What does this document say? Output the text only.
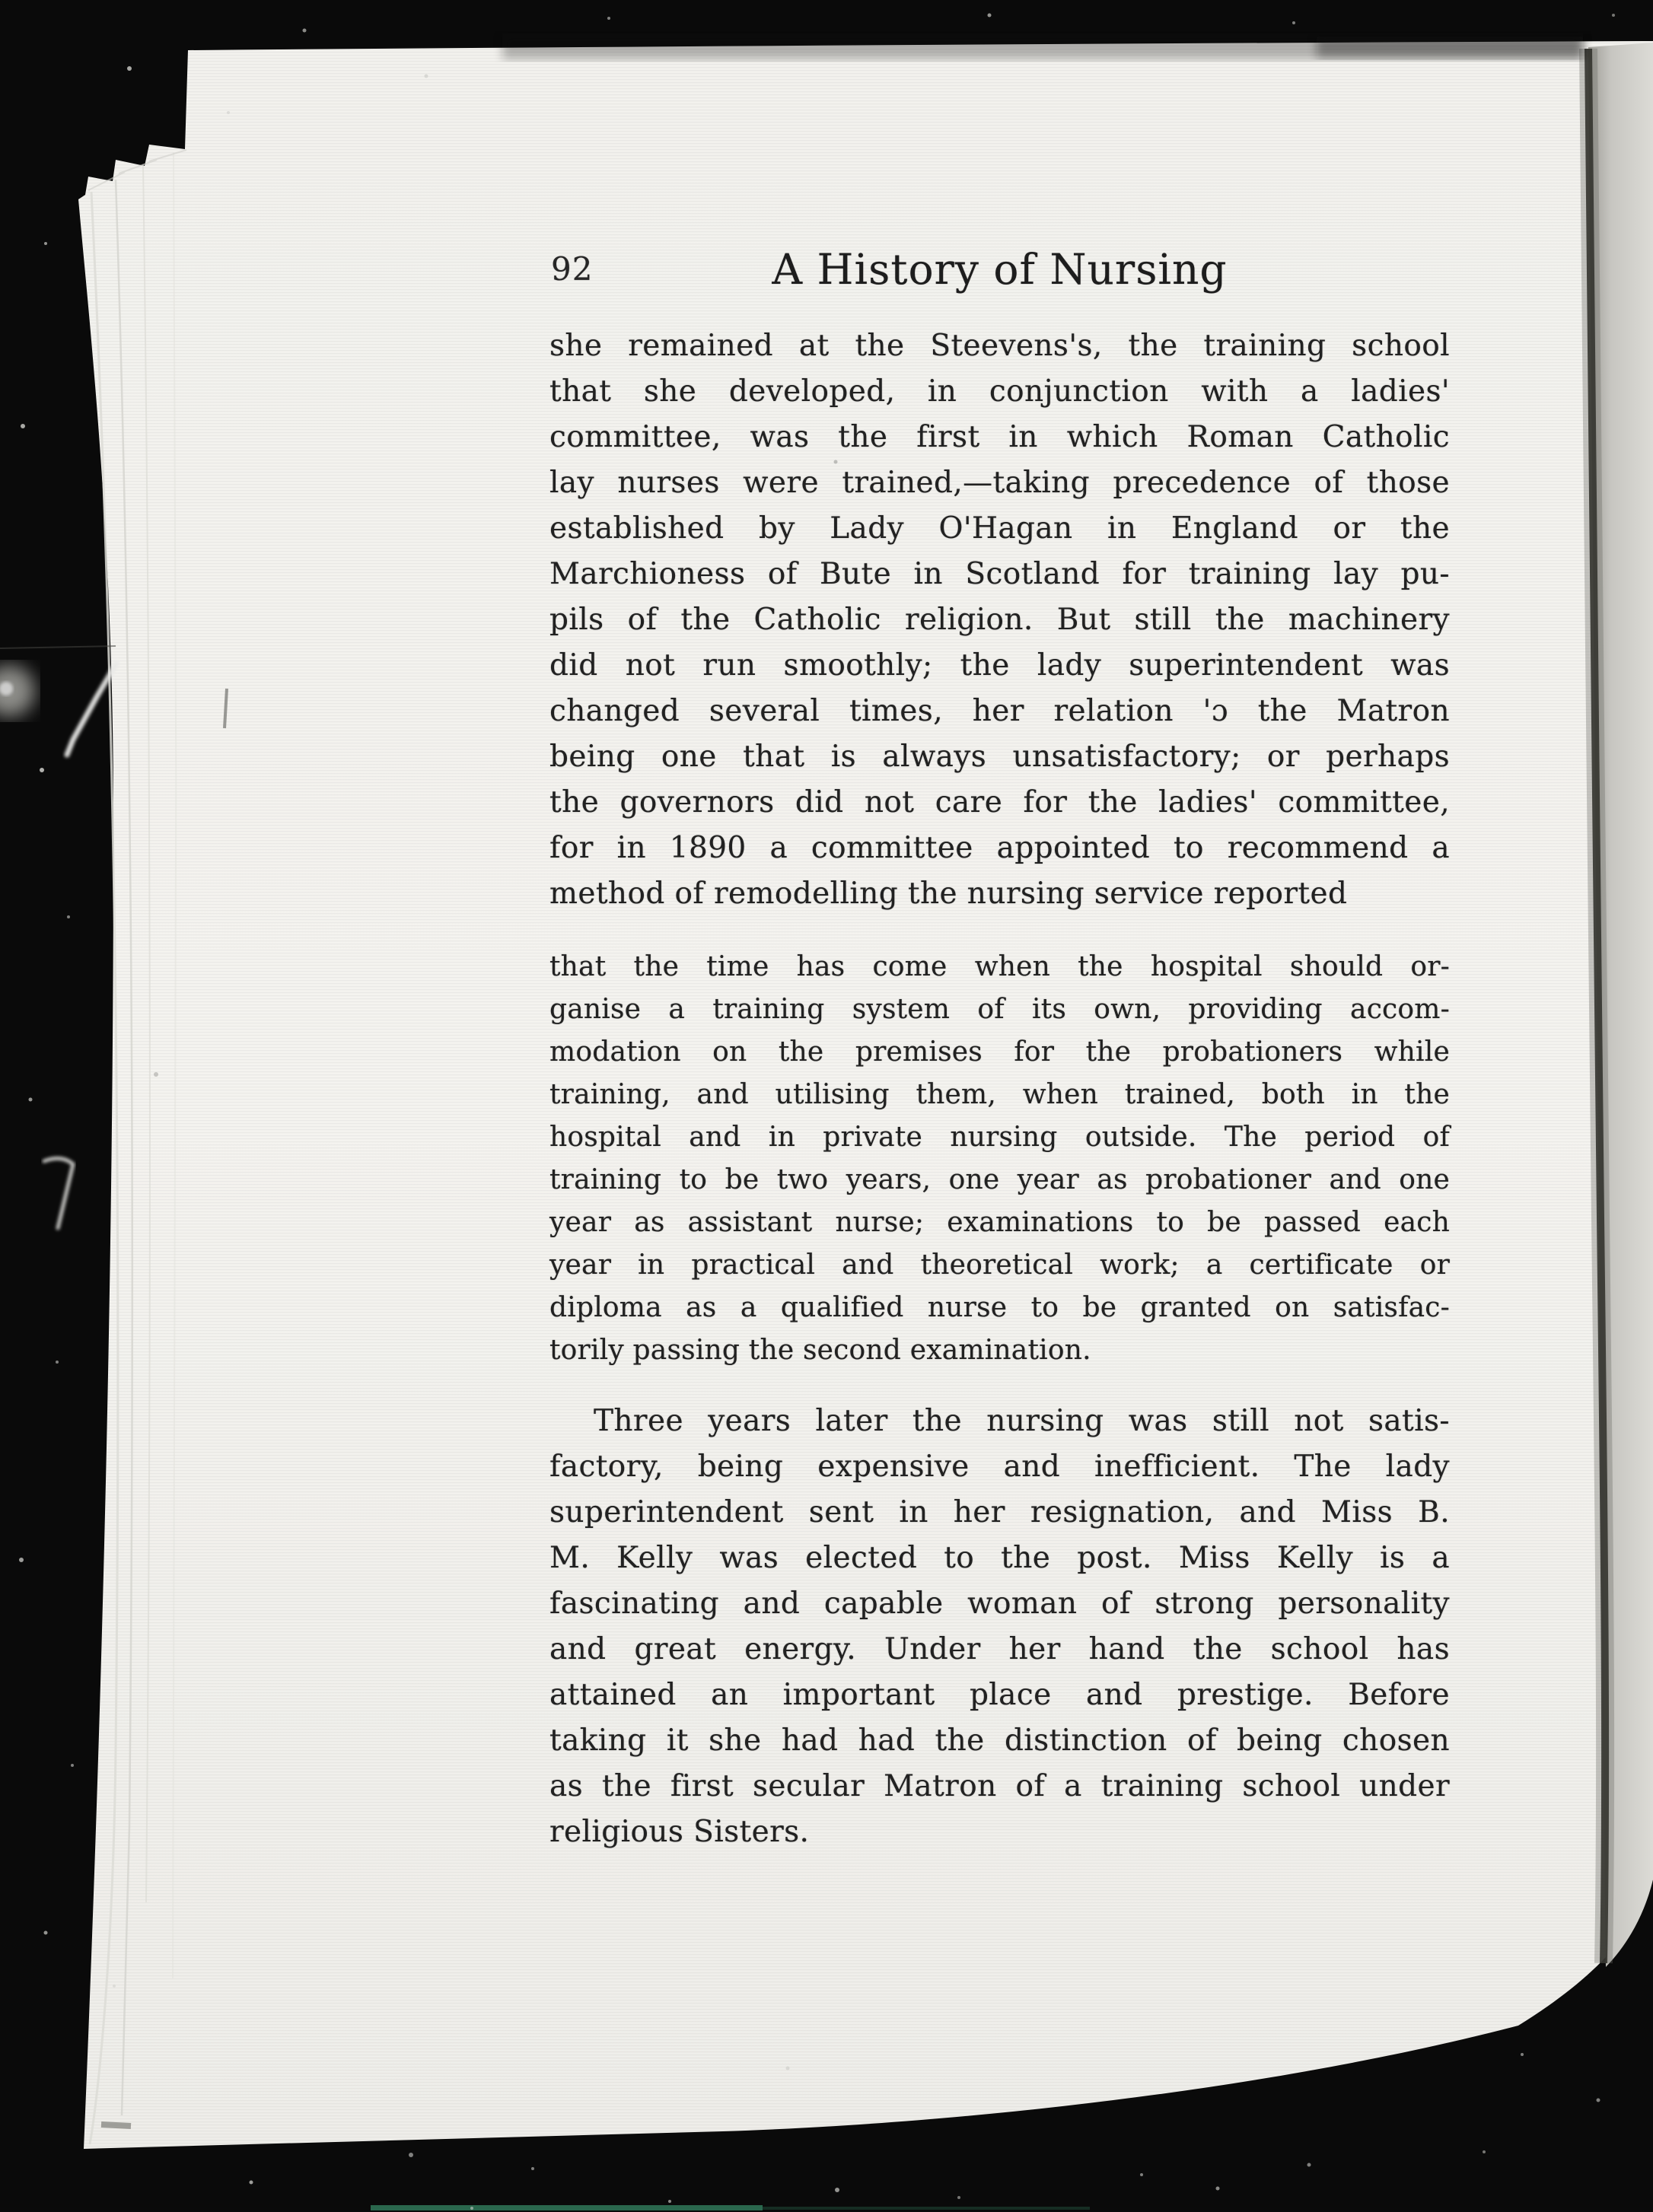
92	A History of Nursing
she remained at the Steevens's, the training school
that she developed, in conjunction with a ladies'
committee, was the first in which Roman Catholic
lay nurses were trained,—taking precedence of those
established by Lady O'Hagan in England or the
Marchioness of Bute in Scotland for training lay pu-
pils of the Catholic religion. But still the machinery
did not run smoothly; the lady superintendent was
changed several times, her relation 'ɔ the Matron
being one that is always unsatisfactory; or perhaps
the governors did not care for the ladies' committee,
for in 1890 a committee appointed to recommend a
method of remodelling the nursing service reported
that the time has come when the hospital should or-
ganise a training system of its own, providing accom-
modation on the premises for the probationers while
training, and utilising them, when trained, both in the
hospital and in private nursing outside. The period of
training to be two years, one year as probationer and one
year as assistant nurse; examinations to be passed each
year in practical and theoretical work; a certificate or
diploma as a qualified nurse to be granted on satisfac-
torily passing the second examination.
Three years later the nursing was still not satis-
factory, being expensive and inefficient. The lady
superintendent sent in her resignation, and Miss B.
M. Kelly was elected to the post. Miss Kelly is a
fascinating and capable woman of strong personality
and great energy. Under her hand the school has
attained an important place and prestige. Before
taking it she had had the distinction of being chosen
as the first secular Matron of a training school under
religious Sisters.
